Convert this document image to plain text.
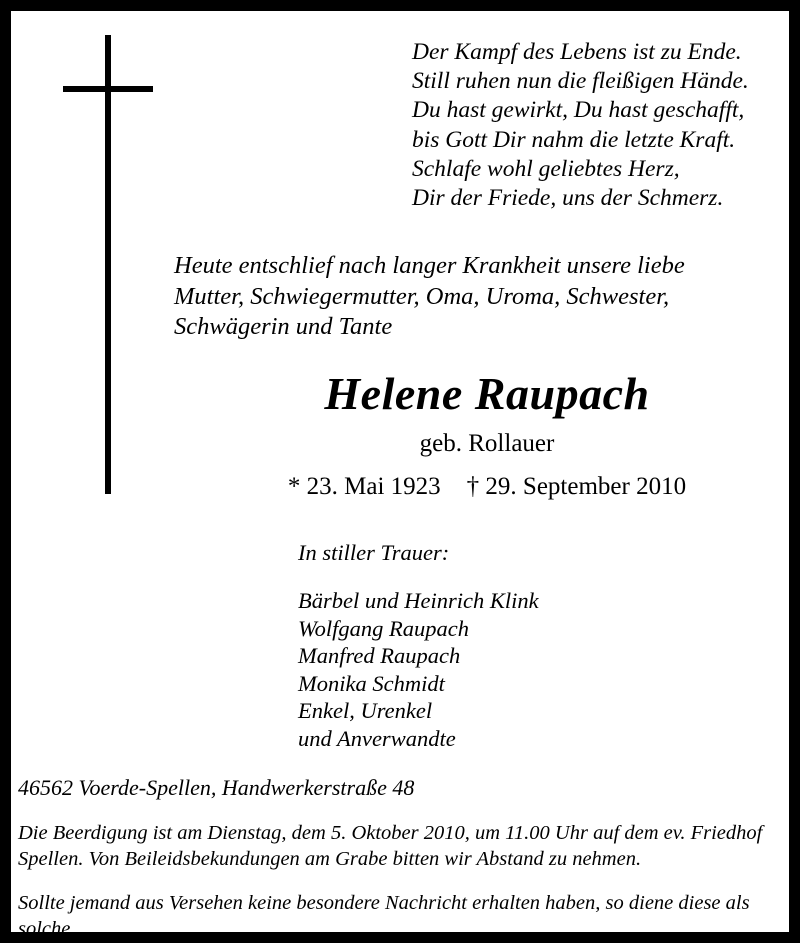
Der Kampf des Lebens ist zu Ende.
Still ruhen nun die fleißigen Hände.
Du hast gewirkt, Du hast geschafft,
bis Gott Dir nahm die letzte Kraft.
Schlafe wohl geliebtes Herz,
Dir der Friede, uns der Schmerz.
Heute entschlief nach langer Krankheit unsere liebe
Mutter, Schwiegermutter, Oma, Uroma, Schwester,
Schwägerin und Tante
Helene Raupach
geb. Rollauer
* 23. Mai 1923 † 29. September 2010
In stiller Trauer:
Bärbel und Heinrich Klink
Wolfgang Raupach
Manfred Raupach
Monika Schmidt
Enkel, Urenkel
und Anverwandte
46562 Voerde-Spellen, Handwerkerstraße 48
Die Beerdigung ist am Dienstag, dem 5. Oktober 2010, um 11.00 Uhr auf dem ev. Friedhof Spellen. Von Beileidsbekundungen am Grabe bitten wir Abstand zu nehmen.
Sollte jemand aus Versehen keine besondere Nachricht erhalten haben, so diene diese als solche.
